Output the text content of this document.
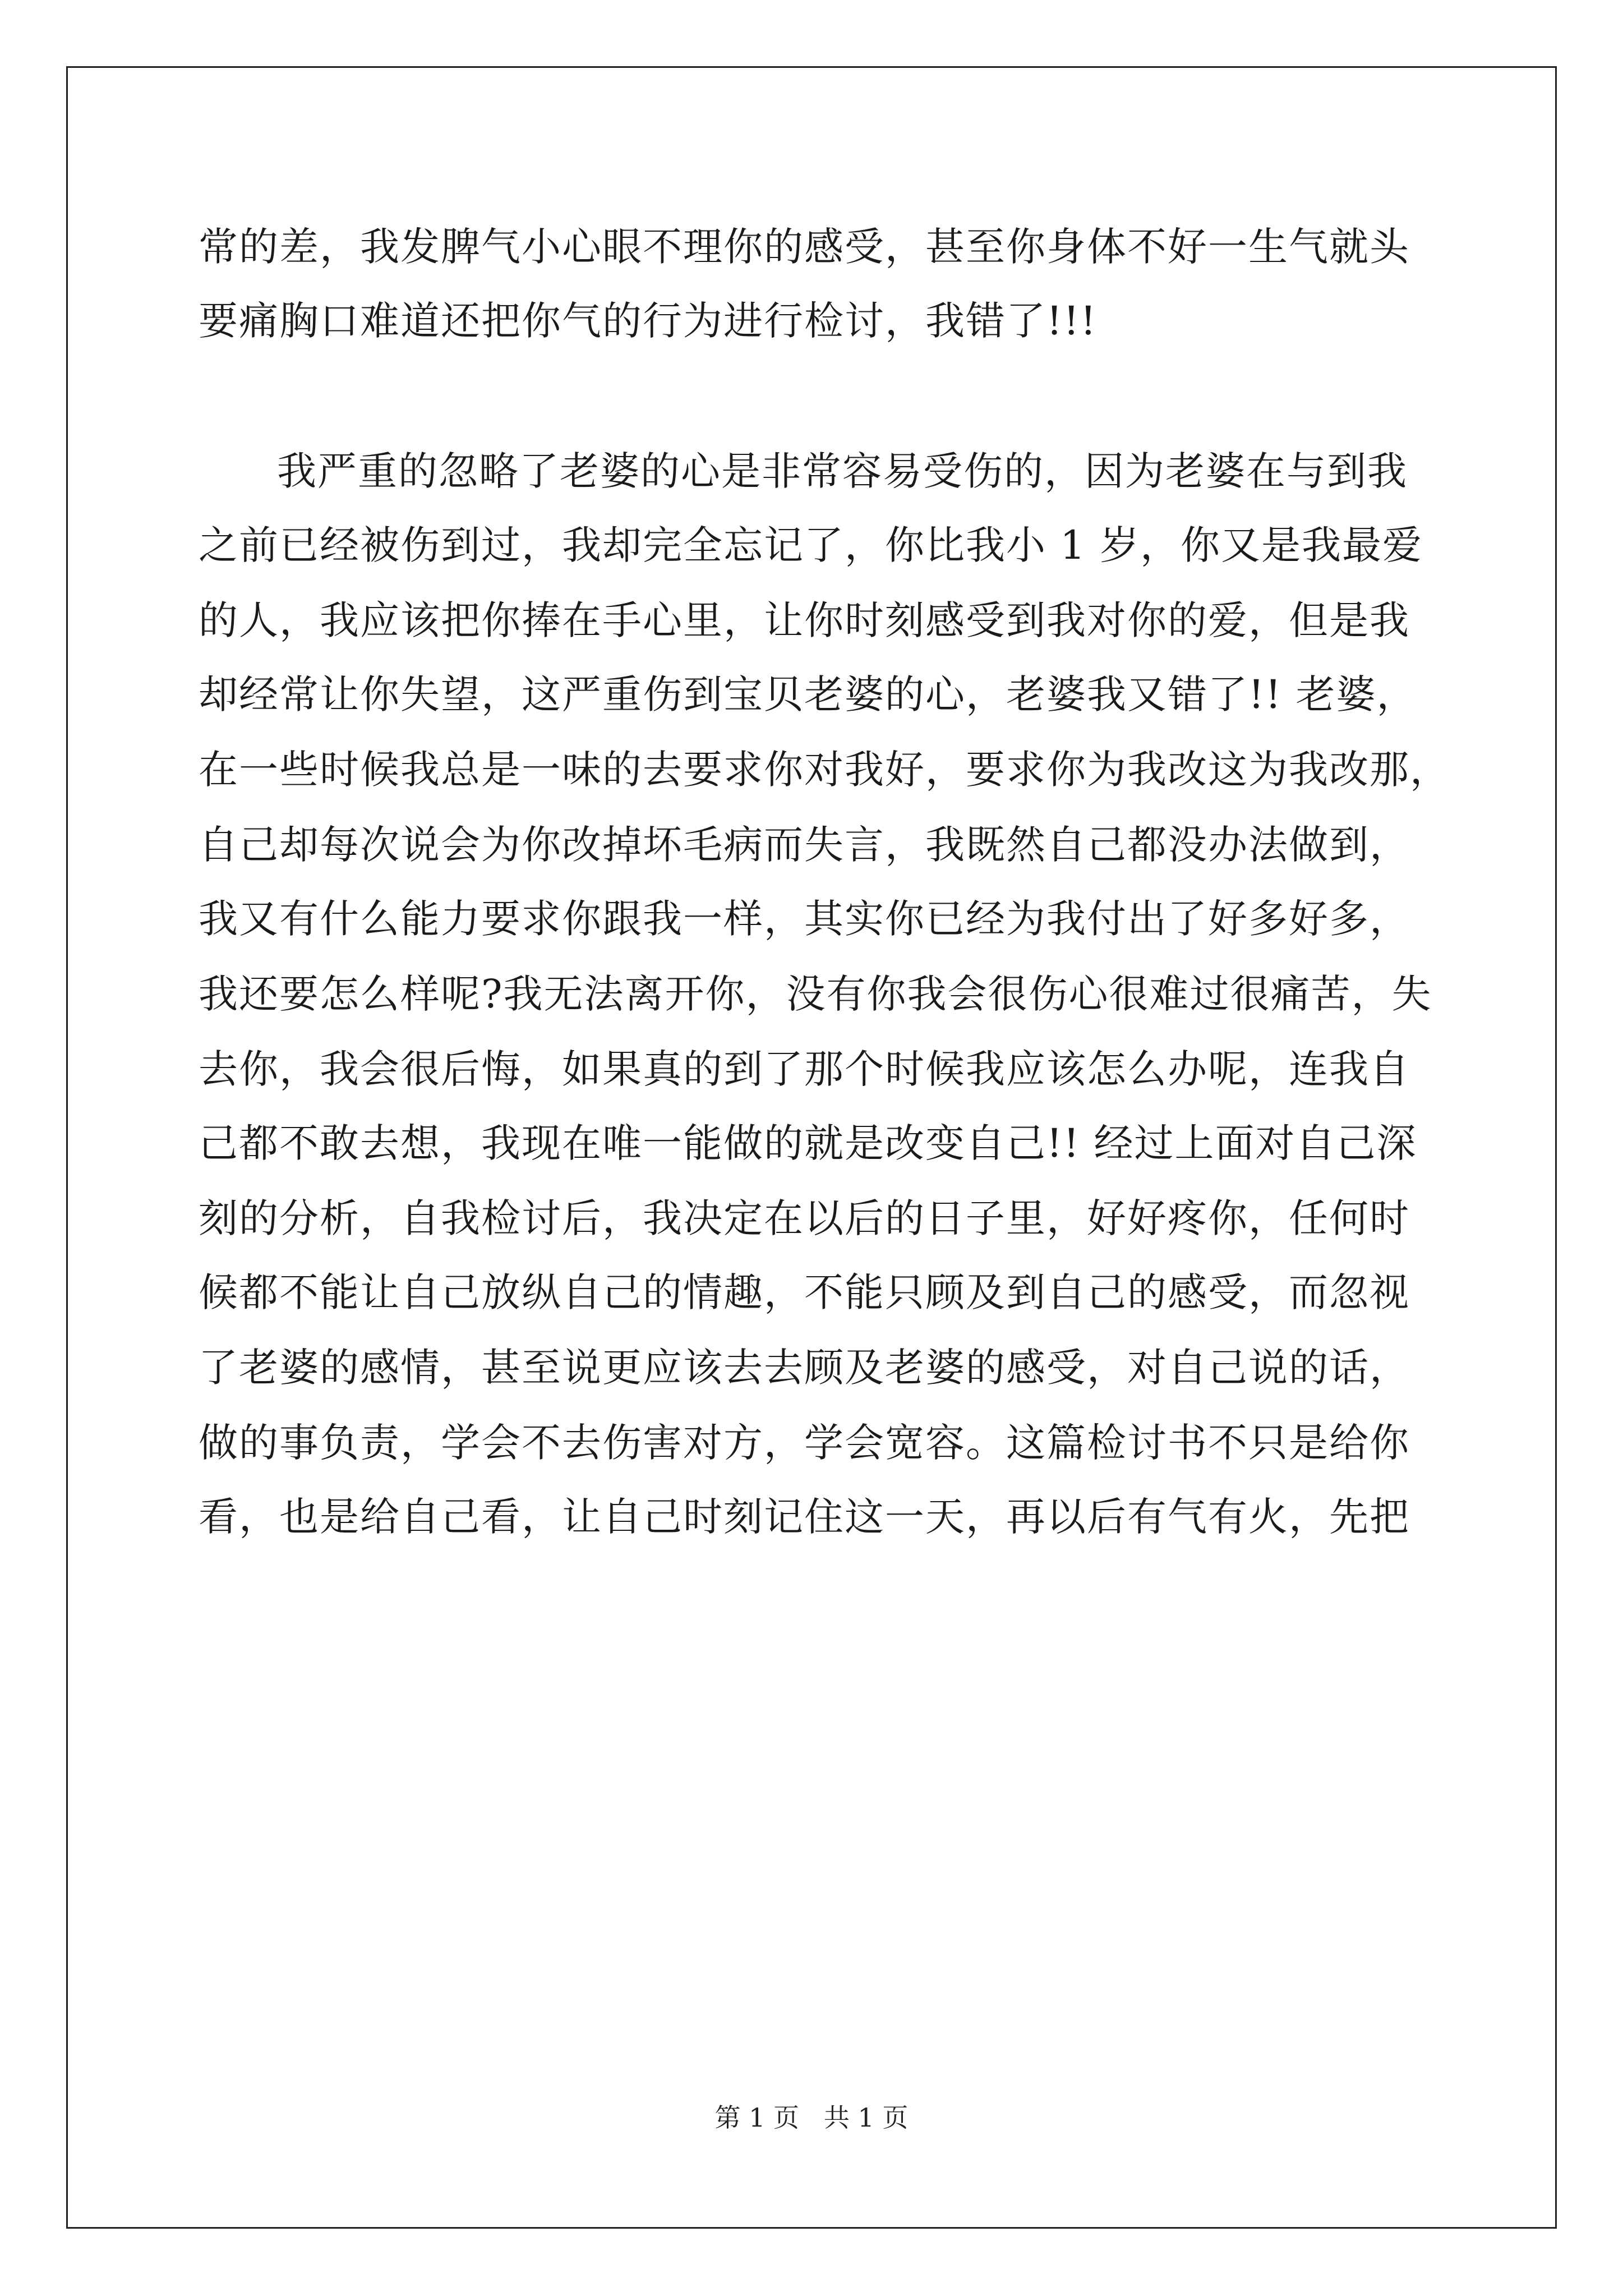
常的差，我发脾气小心眼不理你的感受，甚至你身体不好一生气就头
要痛胸口难道还把你气的行为进行检讨，我错了!!!
我严重的忽略了老婆的心是非常容易受伤的，因为老婆在与到我
之前已经被伤到过，我却完全忘记了，你比我小 1 岁，你又是我最爱
的人，我应该把你捧在手心里，让你时刻感受到我对你的爱，但是我
却经常让你失望，这严重伤到宝贝老婆的心，老婆我又错了!! 老婆，
在一些时候我总是一味的去要求你对我好，要求你为我改这为我改那，
自己却每次说会为你改掉坏毛病而失言，我既然自己都没办法做到，
我又有什么能力要求你跟我一样，其实你已经为我付出了好多好多，
我还要怎么样呢?我无法离开你，没有你我会很伤心很难过很痛苦，失
去你，我会很后悔，如果真的到了那个时候我应该怎么办呢，连我自
己都不敢去想，我现在唯一能做的就是改变自己!! 经过上面对自己深
刻的分析，自我检讨后，我决定在以后的日子里，好好疼你，任何时
候都不能让自己放纵自己的情趣，不能只顾及到自己的感受，而忽视
了老婆的感情，甚至说更应该去去顾及老婆的感受，对自己说的话，
做的事负责，学会不去伤害对方，学会宽容。这篇检讨书不只是给你
看，也是给自己看，让自己时刻记住这一天，再以后有气有火，先把
第 1 页   共 1 页
